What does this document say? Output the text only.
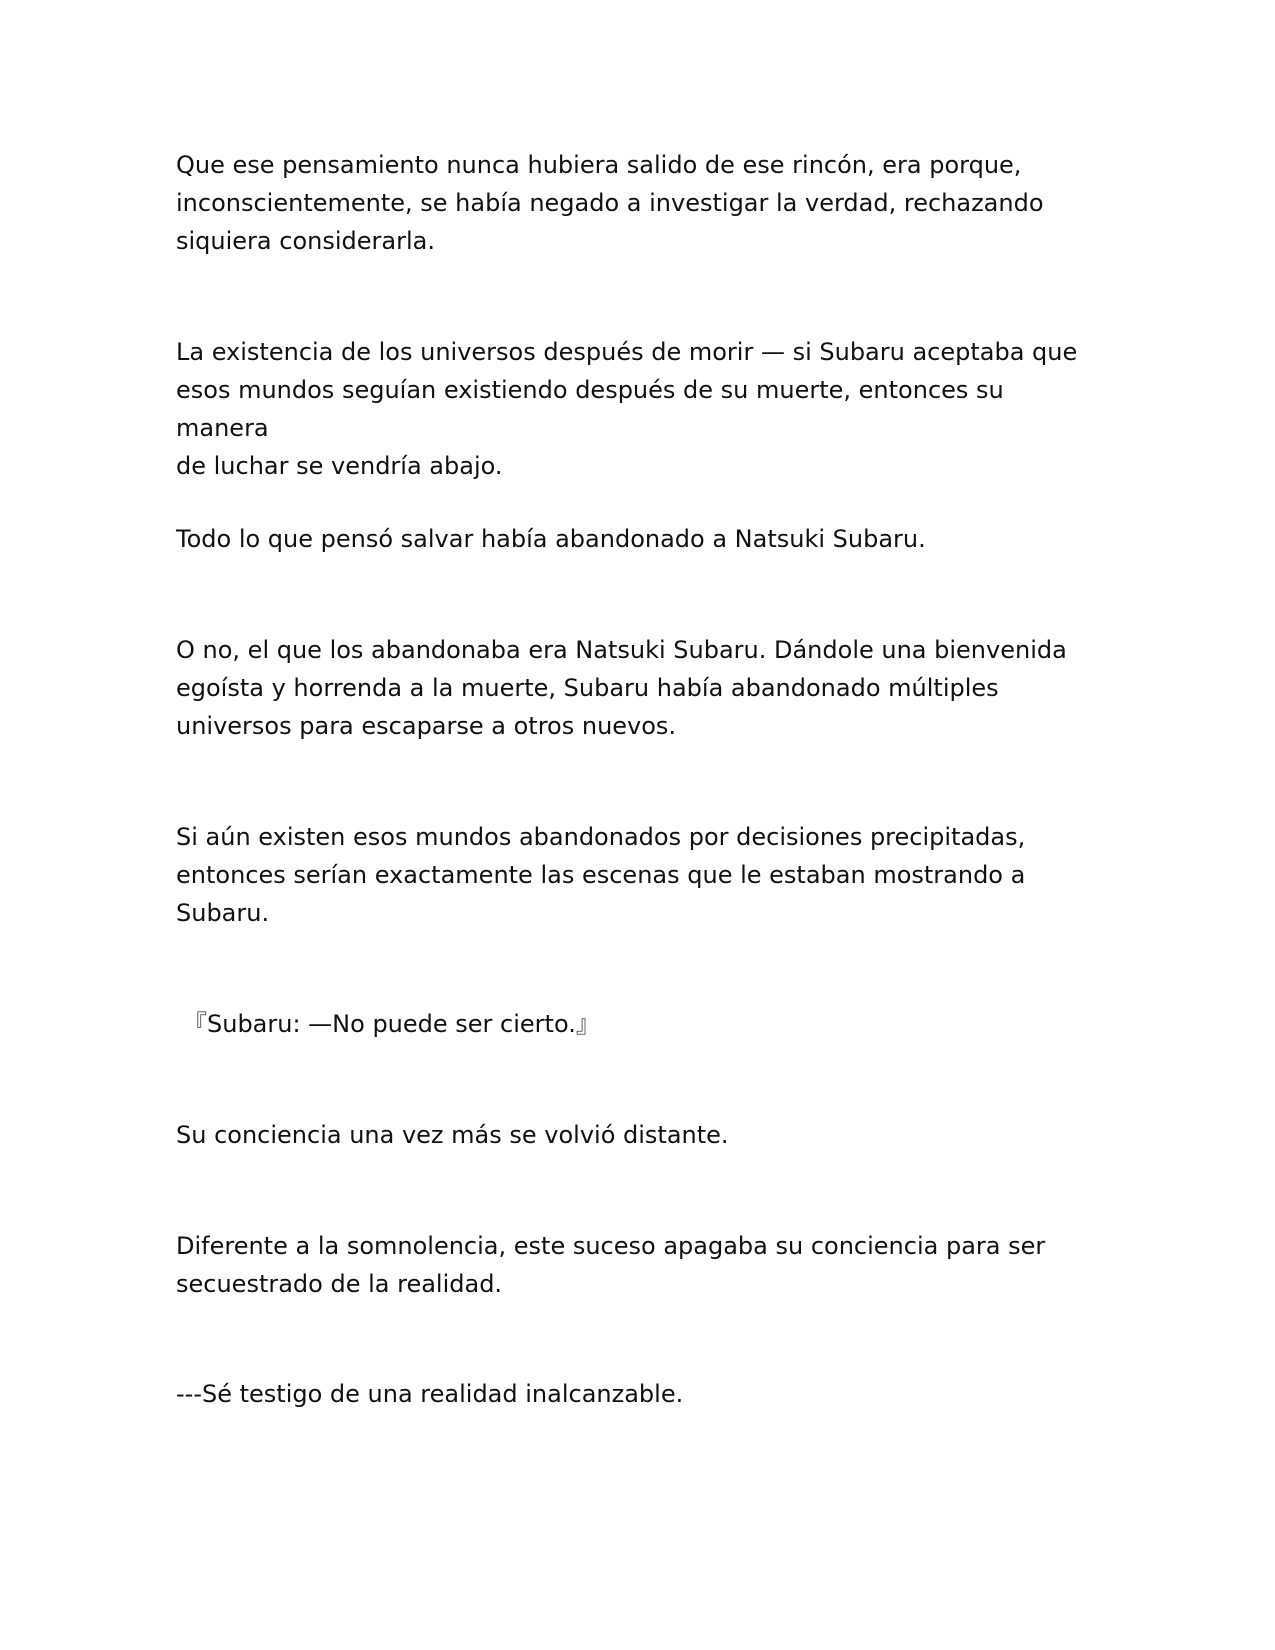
Que ese pensamiento nunca hubiera salido de ese rincón, era porque,
inconscientemente, se había negado a investigar la verdad, rechazando
siquiera considerarla.

La existencia de los universos después de morir — si Subaru aceptaba que
esos mundos seguían existiendo después de su muerte, entonces su manera
de luchar se vendría abajo.

Todo lo que pensó salvar había abandonado a Natsuki Subaru.

O no, el que los abandonaba era Natsuki Subaru. Dándole una bienvenida
egoísta y horrenda a la muerte, Subaru había abandonado múltiples
universos para escaparse a otros nuevos.

Si aún existen esos mundos abandonados por decisiones precipitadas,
entonces serían exactamente las escenas que le estaban mostrando a
Subaru.

『Subaru: —No puede ser cierto.』

Su conciencia una vez más se volvió distante.

Diferente a la somnolencia, este suceso apagaba su conciencia para ser
secuestrado de la realidad.

---Sé testigo de una realidad inalcanzable.
